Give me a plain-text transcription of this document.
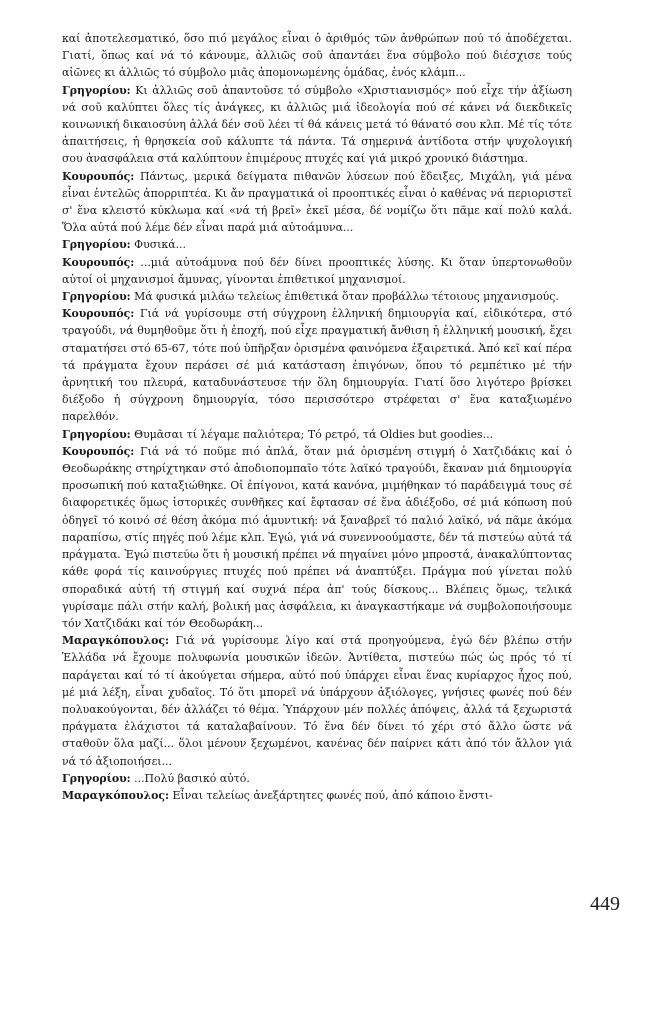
καί ἀποτελεσματικό, ὅσο πιό μεγάλος εἶναι ὁ ἀριθμός τῶν ἀνθρώπων πού τό ἀποδέχεται. Γιατί, ὅπως καί νά τό κάνουμε, ἀλλιῶς σοῦ ἀπαντάει ἕνα σύμβολο πού διέσχισε τούς αἰῶνες κι ἀλλιῶς τό σύμβολο μιᾶς ἀπομονωμένης ὁμάδας, ἑνός κλάμπ...

Γρηγορίου: Κι ἀλλιῶς σοῦ ἀπαντοῦσε τό σύμβολο «Χριστιανισμός» πού εἶχε τήν ἀξίωση νά σοῦ καλύπτει ὅλες τίς ἀνάγκες, κι ἀλλιῶς μιά ἰδεολογία πού σέ κάνει νά διεκδικεῖς κοινωνική δικαιοσύνη ἀλλά δέν σοῦ λέει τί θά κάνεις μετά τό θάνατό σου κλπ. Μέ τίς τότε ἀπαιτήσεις, ἡ θρησκεία σοῦ κάλυπτε τά πάντα. Τά σημερινά ἀντίδοτα στήν ψυχολογική σου ἀνασφάλεια στά καλύπτουν ἐπιμέρους πτυχές καί γιά μικρό χρονικό διάστημα.

Κουρουπός: Πάντως, μερικά δείγματα πιθανῶν λύσεων πού ἔδειξες, Μιχάλη, γιά μένα εἶναι ἐντελῶς ἀπορριπτέα. Κι ἄν πραγματικά οἱ προοπτικές εἶναι ὁ καθένας νά περιοριστεῖ σ' ἕνα κλειστό κύκλωμα καί «νά τή βρεῖ» ἐκεῖ μέσα, δέ νομίζω ὅτι πᾶμε καί πολύ καλά. Ὅλα αὐτά πού λέμε δέν εἶναι παρά μιά αὐτοάμυνα...

Γρηγορίου: Φυσικά...

Κουρουπός: ...μιά αὐτοάμυνα πού δέν δίνει προοπτικές λύσης. Κι ὅταν ὑπερτονωθοῦν αὐτοί οἱ μηχανισμοί ἄμυνας, γίνονται ἐπιθετικοί μηχανισμοί.

Γρηγορίου: Μά φυσικά μιλάω τελείως ἐπιθετικά ὅταν προβάλλω τέτοιους μηχανισμούς.

Κουρουπός: Γιά νά γυρίσουμε στή σύγχρονη ἑλληνική δημιουργία καί, εἰδικότερα, στό τραγούδι, νά θυμηθοῦμε ὅτι ἡ ἐποχή, πού εἶχε πραγματική ἄνθιση ἡ ἑλληνική μουσική, ἔχει σταματήσει στό 65-67, τότε πού ὑπῆρξαν ὁρισμένα φαινόμενα ἐξαιρετικά. Ἀπό κεῖ καί πέρα τά πράγματα ἔχουν περάσει σέ μιά κατάσταση ἐπιγόνων, ὅπου τό ρεμπέτικο μέ τήν ἀρνητική του πλευρά, καταδυνάστευσε τήν ὅλη δημιουργία. Γιατί ὅσο λιγότερο βρίσκει διέξοδο ἡ σύγχρονη δημιουργία, τόσο περισσότερο στρέφεται σ' ἕνα καταξιωμένο παρελθόν.

Γρηγορίου: Θυμᾶσαι τί λέγαμε παλιότερα; Τό ρετρό, τά Oldies but goodies...

Κουρουπός: Γιά νά τό ποῦμε πιό ἁπλά, ὅταν μιά ὁρισμένη στιγμή ὁ Χατζιδάκις καί ὁ Θεοδωράκης στηρίχτηκαν στό ἀποδιοπομπαῖο τότε λαϊκό τραγούδι, ἔκαναν μιά δημιουργία προσωπική πού καταξιώθηκε. Οἱ ἐπίγονοι, κατά κανόνα, μιμήθηκαν τό παράδειγμά τους σέ διαφορετικές ὅμως ἱστορικές συνθῆκες καί ἔφτασαν σέ ἕνα ἀδιέξοδο, σέ μιά κόπωση πού ὁδηγεῖ τό κοινό σέ θέση ἀκόμα πιό ἀμυντική: νά ξαναβρεῖ τό παλιό λαϊκό, νά πᾶμε ἀκόμα παραπίσω, στίς πηγές πού λέμε κλπ. Ἐγώ, γιά νά συνεννοούμαστε, δέν τά πιστεύω αὐτά τά πράγματα. Ἐγώ πιστεύω ὅτι ἡ μουσική πρέπει νά πηγαίνει μόνο μπροστά, ἀνακαλύπτοντας κάθε φορά τίς καινούργιες πτυχές πού πρέπει νά ἀναπτύξει. Πράγμα πού γίνεται πολύ σποραδικά αὐτή τή στιγμή καί συχνά πέρα ἀπ' τούς δίσκους... Βλέπεις ὅμως, τελικά γυρίσαμε πάλι στήν καλή, βολική μας ἀσφάλεια, κι ἀναγκαστήκαμε νά συμβολοποιήσουμε τόν Χατζιδάκι καί τόν Θεοδωράκη...

Μαραγκόπουλος: Γιά νά γυρίσουμε λίγο καί στά προηγούμενα, ἐγώ δέν βλέπω στήν Ἑλλάδα νά ἔχουμε πολυφωνία μουσικῶν ἰδεῶν. Ἀντίθετα, πιστεύω πώς ὡς πρός τό τί παράγεται καί τό τί ἀκούγεται σήμερα, αὐτό πού ὑπάρχει εἶναι ἕνας κυρίαρχος ἦχος πού, μέ μιά λέξη, εἶναι χυδαῖος. Τό ὅτι μπορεῖ νά ὑπάρχουν ἀξιόλογες, γνήσιες φωνές πού δέν πολυακούγονται, δέν ἀλλάζει τό θέμα. Ὑπάρχουν μέν πολλές ἀπόψεις, ἀλλά τά ξεχωριστά πράγματα ἐλάχιστοι τά καταλαβαίνουν. Τό ἕνα δέν δίνει τό χέρι στό ἄλλο ὥστε νά σταθοῦν ὅλα μαζί... ὅλοι μένουν ξεχωμένοι, κανένας δέν παίρνει κάτι ἀπό τόν ἄλλον γιά νά τό ἀξιοποιήσει...

Γρηγορίου: ...Πολύ βασικό αὐτό.

Μαραγκόπουλος: Εἶναι τελείως ἀνεξάρτητες φωνές πού, ἀπό κάποιο ἔνστι-

449
